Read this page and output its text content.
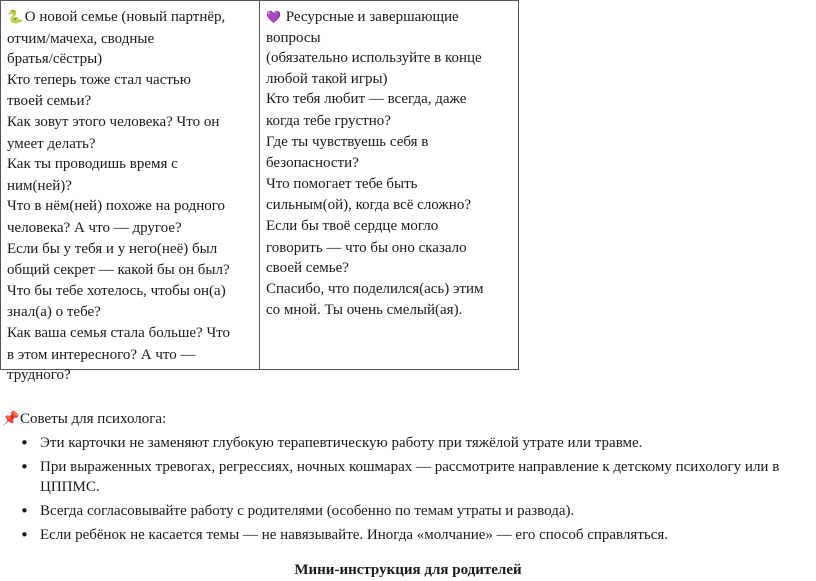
🐍 О новой семье (новый партнёр,
отчим/мачеха, сводные
братья/сёстры)
Кто теперь тоже стал частью
твоей семьи?
Как зовут этого человека? Что он
умеет делать?
Как ты проводишь время с
ним(ней)?
Что в нём(ней) похоже на родного
человека? А что — другое?
Если бы у тебя и у него(неё) был
общий секрет — какой бы он был?
Что бы тебе хотелось, чтобы он(а)
знал(а) о тебе?
Как ваша семья стала больше? Что
в этом интересного? А что —
трудного?
💜 Ресурсные и завершающие
вопросы
(обязательно используйте в конце
любой такой игры)
Кто тебя любит — всегда, даже
когда тебе грустно?
Где ты чувствуешь себя в
безопасности?
Что помогает тебе быть
сильным(ой), когда всё сложно?
Если бы твоё сердце могло
говорить — что бы оно сказало
своей семье?
Спасибо, что поделился(ась) этим
со мной. Ты очень смелый(ая).
📌Советы для психолога:
• Эти карточки не заменяют глубокую терапевтическую работу при тяжёлой утрате или травме.
• При выраженных тревогах, регрессиях, ночных кошмарах — рассмотрите направление к детскому психологу или в
ЦППМС.
• Всегда согласовывайте работу с родителями (особенно по темам утраты и развода).
• Если ребёнок не касается темы — не навязывайте. Иногда «молчание» — его способ справляться.
Мини-инструкция для родителей
